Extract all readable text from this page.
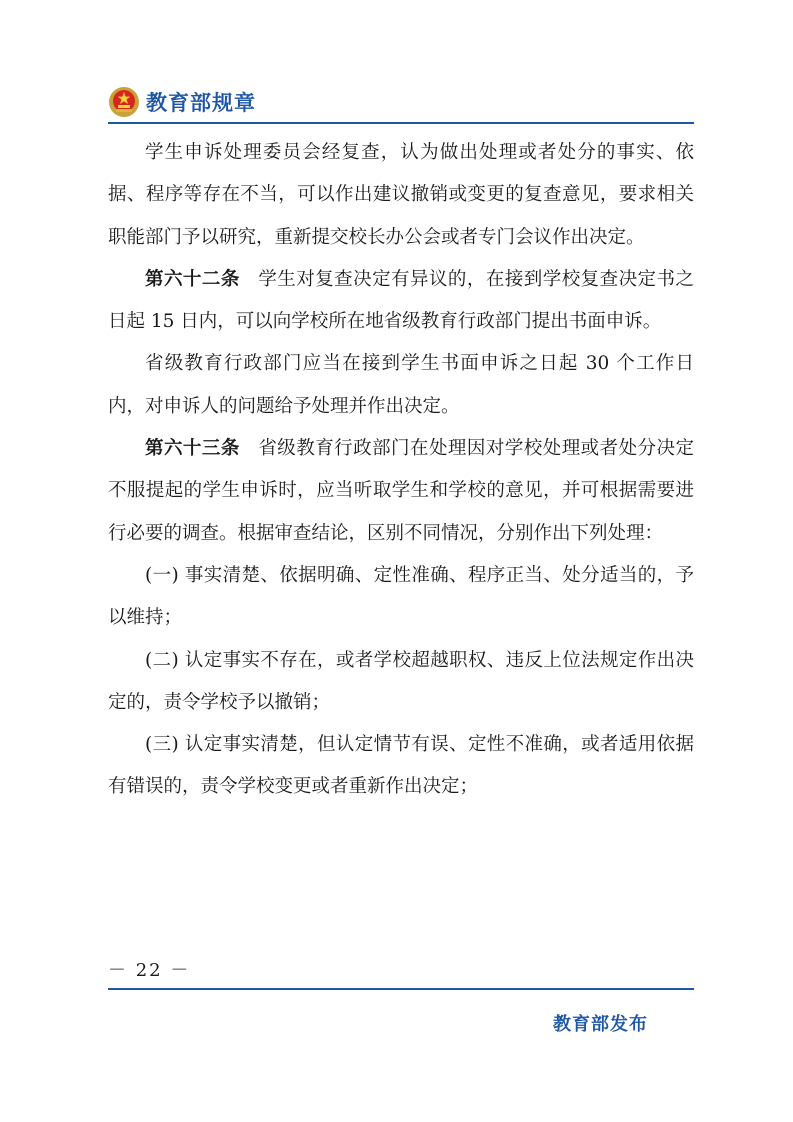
教育部规章

学生申诉处理委员会经复查，认为做出处理或者处分的事实、依据、程序等存在不当，可以作出建议撤销或变更的复查意见，要求相关职能部门予以研究，重新提交校长办公会或者专门会议作出决定。

第六十二条 学生对复查决定有异议的，在接到学校复查决定书之日起 15 日内，可以向学校所在地省级教育行政部门提出书面申诉。

省级教育行政部门应当在接到学生书面申诉之日起 30 个工作日内，对申诉人的问题给予处理并作出决定。

第六十三条 省级教育行政部门在处理因对学校处理或者处分决定不服提起的学生申诉时，应当听取学生和学校的意见，并可根据需要进行必要的调查。根据审查结论，区别不同情况，分别作出下列处理：

(一) 事实清楚、依据明确、定性准确、程序正当、处分适当的，予以维持；

(二) 认定事实不存在，或者学校超越职权、违反上位法规定作出决定的，责令学校予以撤销；

(三) 认定事实清楚，但认定情节有误、定性不准确，或者适用依据有错误的，责令学校变更或者重新作出决定；

－ 22 －
教育部发布
